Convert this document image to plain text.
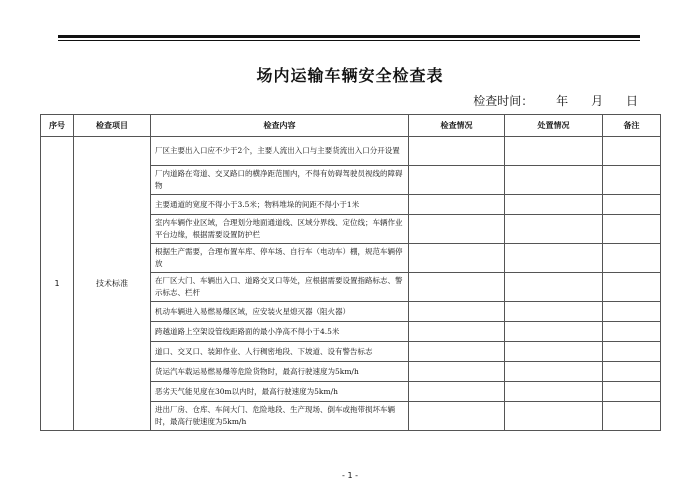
场内运输车辆安全检查表
检查时间： 年 月 日
序号	检查项目	检查内容	检查情况	处置情况	备注
1	技术标准	厂区主要出入口应不少于2个，主要人流出入口与主要货流出入口分开设置			
		厂内道路在弯道、交叉路口的横净距范围内，不得有妨碍驾驶员视线的障碍物			
		主要通道的宽度不得小于3.5米；物料堆垛的间距不得小于1米			
		室内车辆作业区域，合理划分地面通道线、区域分界线、定位线；车辆作业平台边缘，根据需要设置防护栏			
		根据生产需要，合理布置车库、停车场、自行车（电动车）棚，规范车辆停放			
		在厂区大门、车辆出入口、道路交叉口等处，应根据需要设置指路标志、警示标志、栏杆			
		机动车辆进入易燃易爆区域，应安装火星熄灭器（阻火器）			
		跨越道路上空架设管线距路面的最小净高不得小于4.5米			
		道口、交叉口、装卸作业、人行稠密地段、下坡道、设有警告标志			
		货运汽车载运易燃易爆等危险货物时，最高行驶速度为5km/h			
		恶劣天气能见度在30m以内时，最高行驶速度为5km/h			
		进出厂房、仓库、车间大门、危险地段、生产现场、倒车或拖带损坏车辆时，最高行驶速度为5km/h			
- 1 -
